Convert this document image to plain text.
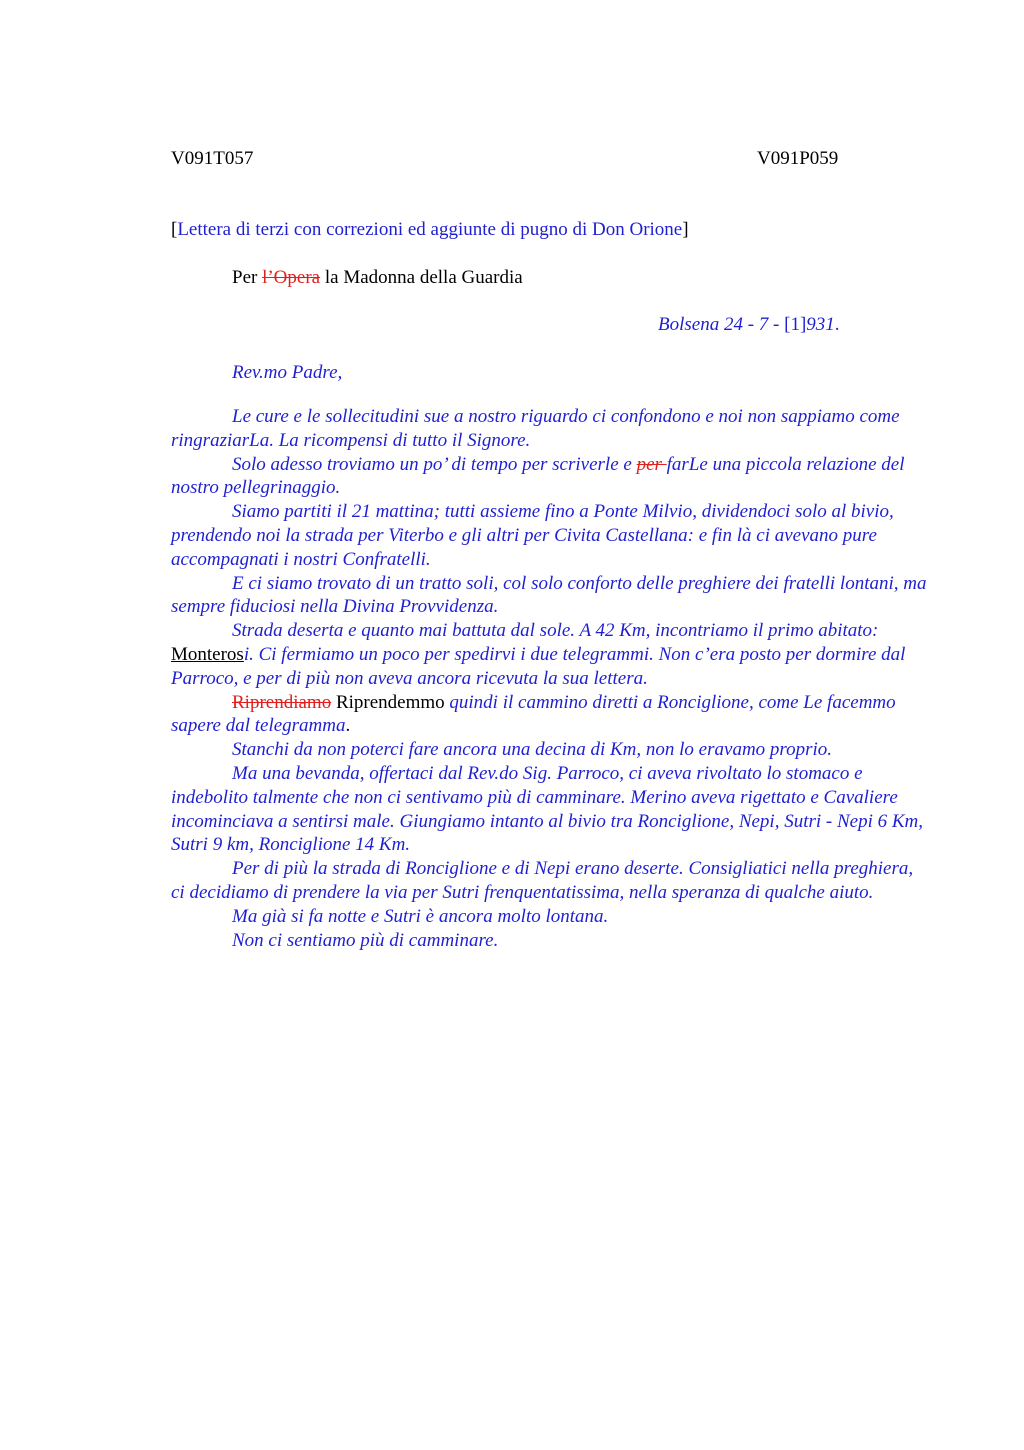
V091T057	V091P059
[Lettera di terzi con correzioni ed aggiunte di pugno di Don Orione]
Per l’Opera la Madonna della Guardia
Bolsena 24 - 7 - [1]931.
Rev.mo Padre,

Le cure e le sollecitudini sue a nostro riguardo ci confondono e noi non sappiamo come ringraziarLa. La ricompensi di tutto il Signore.

Solo adesso troviamo un po’ di tempo per scriverle e per farLe una piccola relazione del nostro pellegrinaggio.

Siamo partiti il 21 mattina; tutti assieme fino a Ponte Milvio, dividendoci solo al bivio, prendendo noi la strada per Viterbo e gli altri per Civita Castellana: e fin là ci avevano pure accompagnati i nostri Confratelli.

E ci siamo trovato di un tratto soli, col solo conforto delle preghiere dei fratelli lontani, ma sempre fiduciosi nella Divina Provvidenza.

Strada deserta e quanto mai battuta dal sole. A 42 Km, incontriamo il primo abitato: Monterosi. Ci fermiamo un poco per spedirvi i due telegrammi. Non c’era posto per dormire dal Parroco, e per di più non aveva ancora ricevuta la sua lettera.

Riprendiamo Riprendemmo quindi il cammino diretti a Ronciglione, come Le facemmo sapere dal telegramma.

Stanchi da non poterci fare ancora una decina di Km, non lo eravamo proprio.

Ma una bevanda, offertaci dal Rev.do Sig. Parroco, ci aveva rivoltato lo stomaco e indebolito talmente che non ci sentivamo più di camminare. Merino aveva rigettato e Cavaliere incominciava a sentirsi male. Giungiamo intanto al bivio tra Ronciglione, Nepi, Sutri - Nepi 6 Km, Sutri 9 km, Ronciglione 14 Km.

Per di più la strada di Ronciglione e di Nepi erano deserte. Consigliatici nella preghiera, ci decidiamo di prendere la via per Sutri frenquentatissima, nella speranza di qualche aiuto.

Ma già si fa notte e Sutri è ancora molto lontana.

Non ci sentiamo più di camminare.
